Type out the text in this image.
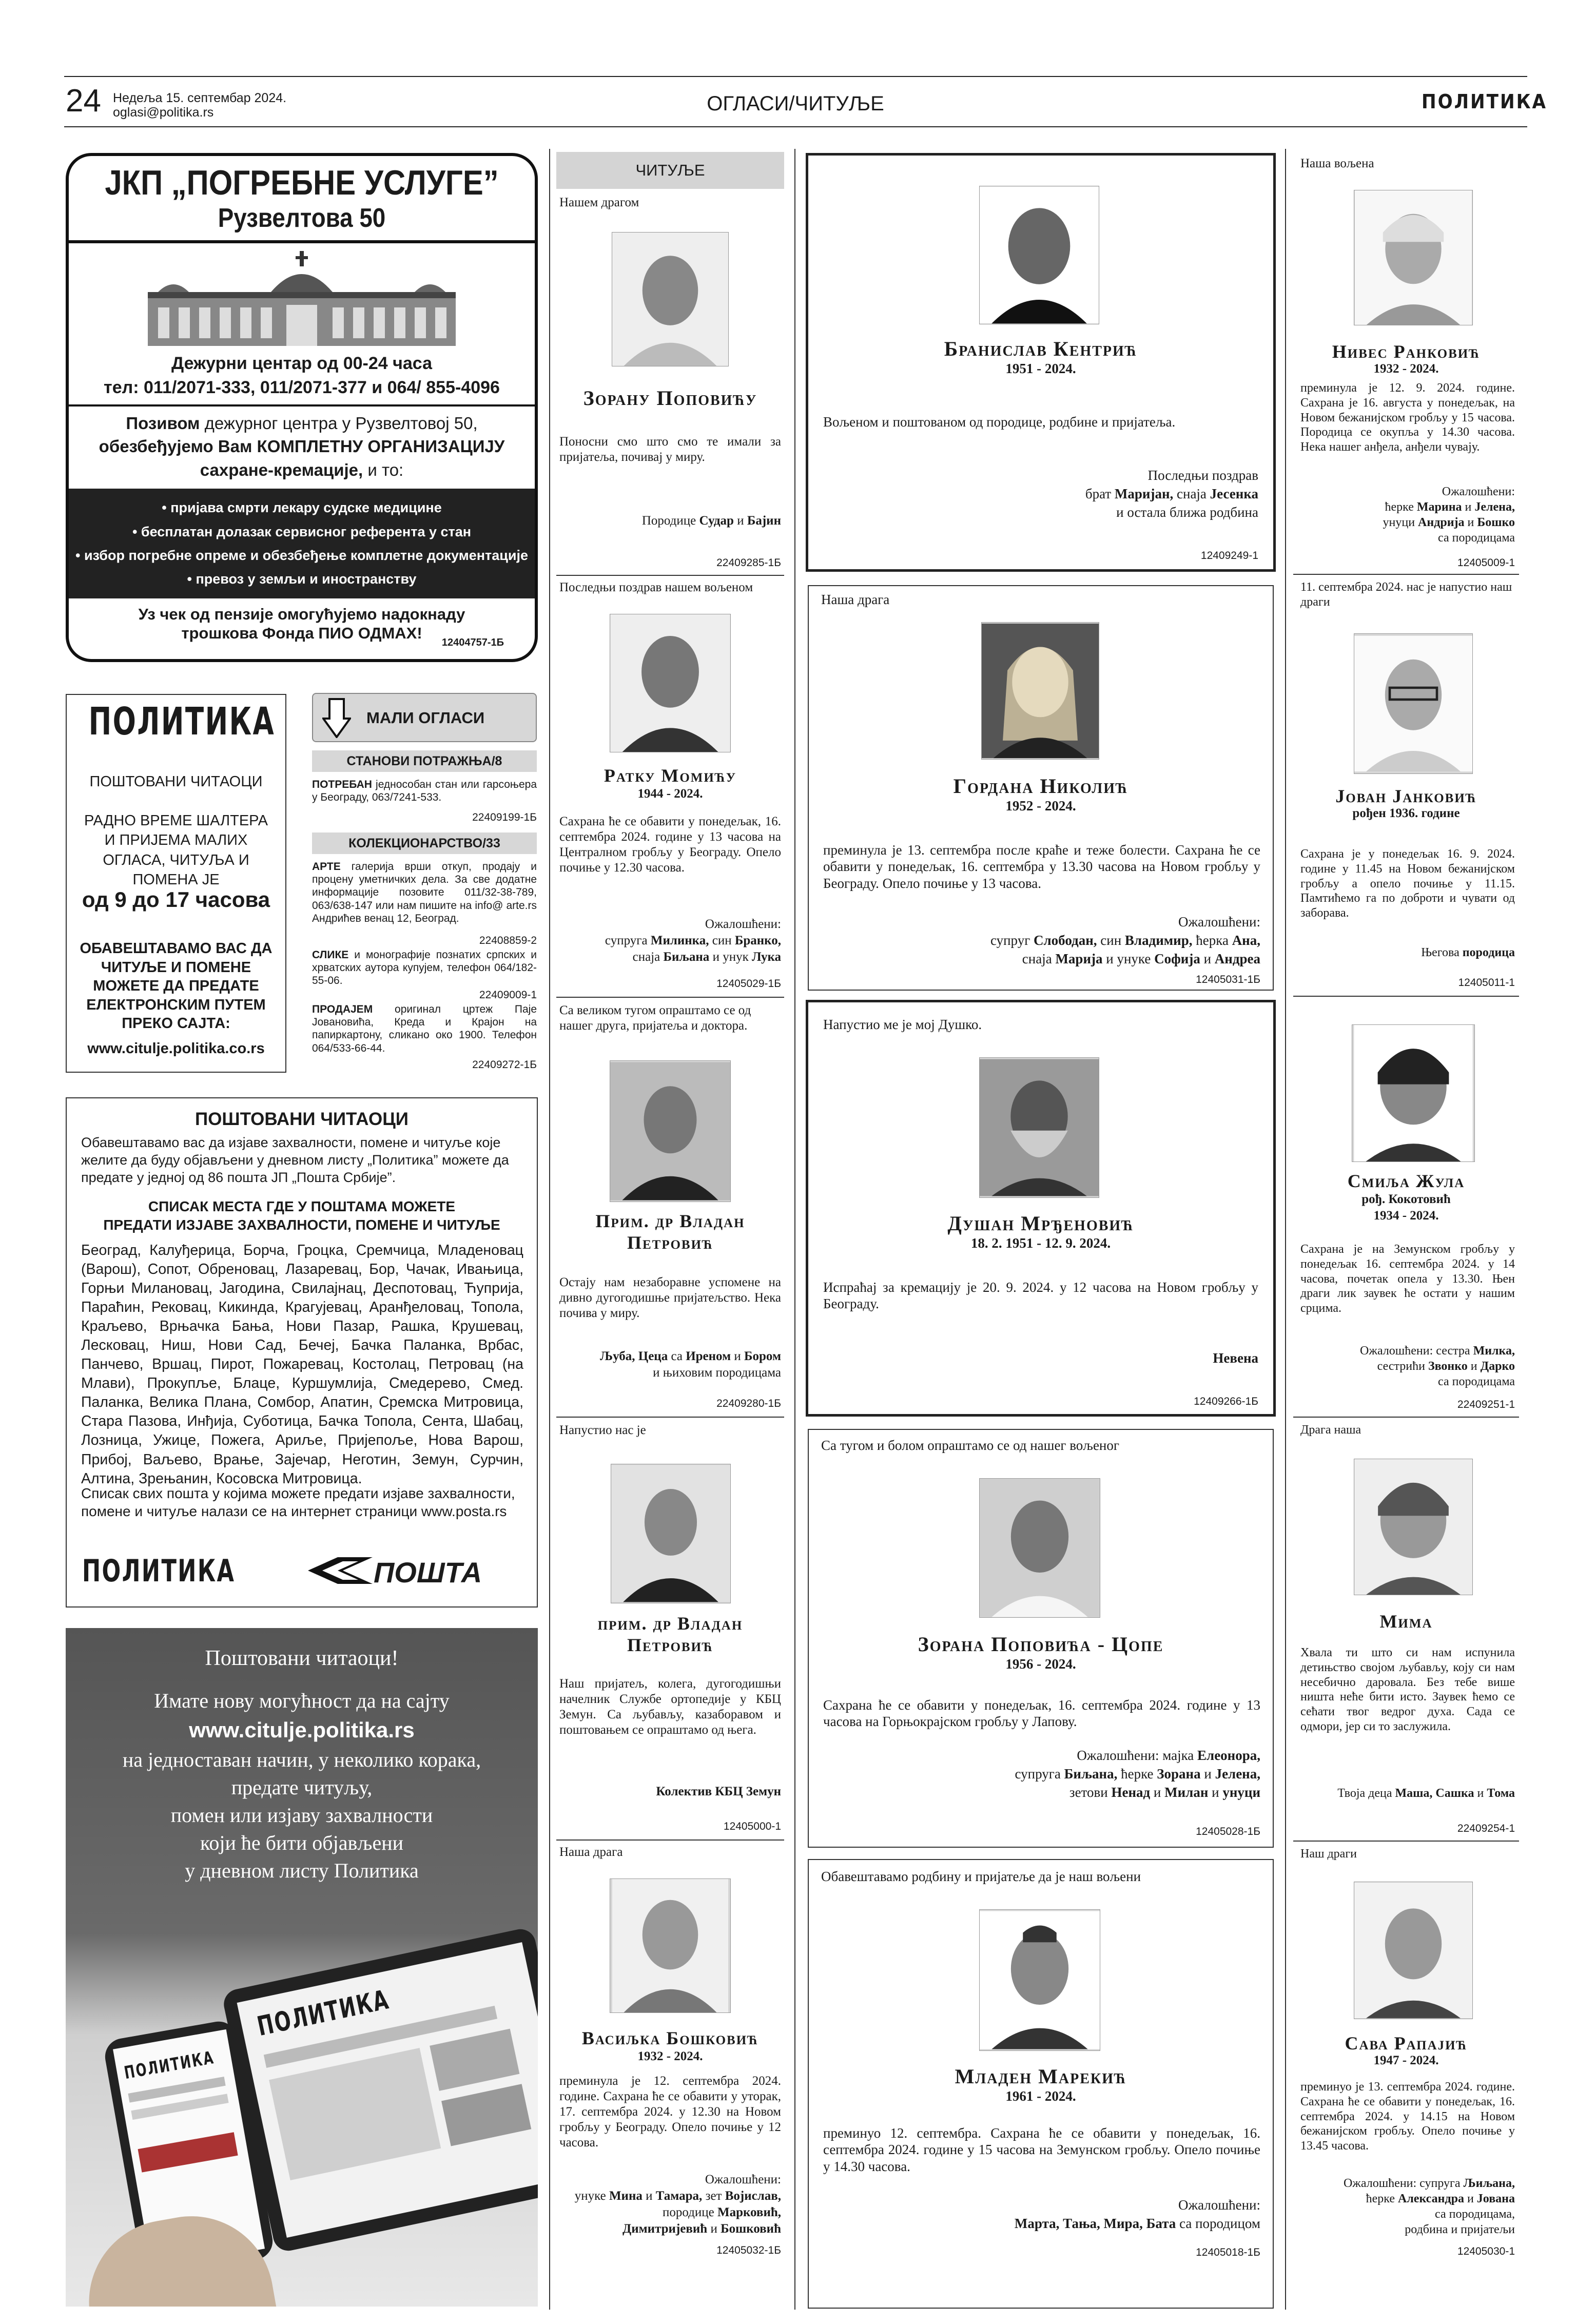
24 Недеља 15. септембар 2024.
oglasi@politika.rs	ОГЛАСИ/ЧИТУЉЕ	ПОЛИТИКА
ЈКП „ПОГРЕБНЕ УСЛУГЕ”
Рузвелтова 50
Дежурни центар од 00-24 часа
тел: 011/2071-333, 011/2071-377 и 064/ 855-4096
Позивом дежурног центра у Рузвелтовој 50,
обезбеђујемо Вам КОМПЛЕТНУ ОРГАНИЗАЦИЈУ
сахране-кремације, и то:
• пријава смрти лекару судске медицине
• бесплатан долазак сервисног референта у стан
• избор погребне опреме и обезбеђење комплетне документације
• превоз у земљи и иностранству
Уз чек од пензије омогућујемо надокнаду трошкова Фонда ПИО ОДМАХ!
12404757-1Б
ПОЛИТИКА
ПОШТОВАНИ ЧИТАОЦИ
РАДНО ВРЕМЕ ШАЛТЕРА И ПРИЈЕМА МАЛИХ ОГЛАСА, ЧИТУЉА И ПОМЕНА ЈЕ
од 9 до 17 часова
ОБАВЕШТАВАМО ВАС ДА ЧИТУЉЕ И ПОМЕНЕ МОЖЕТЕ ДА ПРЕДАТЕ ЕЛЕКТРОНСКИМ ПУТЕМ ПРЕКО САЈТА:
www.citulje.politika.co.rs
МАЛИ ОГЛАСИ
СТАНОВИ ПОТРАЖЊА/8
ПОТРЕБАН једнособан стан или гарсоњера у Београду, 063/7241-533.
22409199-1Б
КОЛЕКЦИОНАРСТВО/33
АРТЕ галерија врши откуп, продају и процену уметничких дела. За све додатне информације позовите 011/32-38-789, 063/638-147 или нам пишите на info@ arte.rs Андрићев венац 12, Београд.
22408859-2
СЛИКЕ и монографије познатих српских и хрватских аутора купујем, телефон 064/182-55-06.
22409009-1
ПРОДАЈЕМ оригинал цртеж Паје Јовановића, Креда и Крајон на папиркартону, сликано око 1900. Телефон 064/533-66-44.
22409272-1Б
ПОШТОВАНИ ЧИТАОЦИ
Обавештавамо вас да изјаве захвалности, помене и читуље које желите да буду објављени у дневном листу „Политика” можете да предате у једној од 86 пошта ЈП „Пошта Србије”.
СПИСАК МЕСТА ГДЕ У ПОШТАМА МОЖЕТЕ
ПРЕДАТИ ИЗЈАВЕ ЗАХВАЛНОСТИ, ПОМЕНЕ И ЧИТУЉЕ
Београд, Калуђерица, Борча, Гроцка, Сремчица, Младеновац (Варош), Сопот, Обреновац, Лазаревац, Бор, Чачак, Ивањица, Горњи Милановац, Јагодина, Свилајнац, Деспотовац, Ћуприја, Параћин, Рековац, Кикинда, Крагујевац, Аранђеловац, Топола, Краљево, Врњачка Бања, Нови Пазар, Рашка, Крушевац, Лесковац, Ниш, Нови Сад, Бечеј, Бачка Паланка, Врбас, Панчево, Вршац, Пирот, Пожаревац, Костолац, Петровац (на Млави), Прокупље, Блаце, Куршумлија, Смедерево, Смед. Паланка, Велика Плана, Сомбор, Апатин, Сремска Митровица, Стара Пазова, Инђија, Суботица, Бачка Топола, Сента, Шабац, Лозница, Ужице, Пожега, Ариље, Пријепоље, Нова Варош, Прибој, Ваљево, Врање, Зајечар, Неготин, Земун, Сурчин, Алтина, Зрењанин, Косовска Митровица.
Списак свих пошта у којима можете предати изјаве захвалности, помене и читуље налази се на интернет страници www.posta.rs
ПОЛИТИКА	ПОШТА
Поштовани читаоци!
Имате нову могућност да на сајту
www.citulje.politika.rs
на једноставан начин, у неколико корака,
предате читуљу,
помен или изјаву захвалности
који ће бити објављени
у дневном листу Политика
ПОЛИТИКА
ПОЛИТИКА
ЧИТУЉЕ
Нашем драгом
Зорану Поповићу
Поносни смо што смо те имали за пријатеља, почивај у миру.
Породице Судар и Бајин
22409285-1Б
Последњи поздрав нашем вољеном
Ратку Момићу
1944 - 2024.
Сахрана ће се обавити у понедељак, 16. септембра 2024. године у 13 часова на Централном гробљу у Београду. Опело почиње у 12.30 часова.
Ожалошћени:
супруга Милинка, син Бранко,
снаја Биљана и унук Лука
12405029-1Б
Са великом тугом опраштамо се од нашег друга, пријатеља и доктора.
Прим. др Владан
Петровић
Остају нам незаборавне успомене на дивно дугогодишње пријатељство. Нека почива у миру.
Љуба, Цеца са Иреном и Бором
и њиховим породицама
22409280-1Б
Напустио нас је
прим. др Владан
Петровић
Наш пријатељ, колега, дугогодишњи начелник Службе ортопедије у КБЦ Земун. Са љубављу, казаборавом и поштовањем се опраштамо од њега.
Колектив КБЦ Земун
12405000-1
Наша драга
Васиљка Бошковић
1932 - 2024.
преминула је 12. септембра 2024. године. Сахрана ће се обавити у уторак, 17. септембра 2024. у 12.30 на Новом гробљу у Београду. Опело почиње у 12 часова.
Ожалошћени:
унуке Мина и Тамара, зет Војислав,
породице Марковић,
Димитријевић и Бошковић
12405032-1Б
Бранислав Кентрић
1951 - 2024.
Вољеном и поштованом од породице, родбине и пријатеља.
Последњи поздрав
брат Маријан, снаја Јесенка
и остала ближа родбина
12409249-1
Наша драга
Гордана Николић
1952 - 2024.
преминула је 13. септембра после краће и теже болести. Сахрана ће се обавити у понедељак, 16. септембра у 13.30 часова на Новом гробљу у Београду. Опело почиње у 13 часова.
Ожалошћени:
супруг Слободан, син Владимир, ћерка Ана,
снаја Марија и унуке Софија и Андреа
12405031-1Б
Напустио ме је мој Душко.
Душан Мрђеновић
18. 2. 1951 - 12. 9. 2024.
Испраћај за кремацију је 20. 9. 2024. у 12 часова на Новом гробљу у Београду.
Невена
12409266-1Б
Са тугом и болом опраштамо се од нашег вољеног
Зорана Поповића - Цопе
1956 - 2024.
Сахрана ће се обавити у понедељак, 16. септембра 2024. године у 13 часова на Горњокрајском гробљу у Лапову.
Ожалошћени: мајка Елеонора,
супруга Биљана, ћерке Зорана и Јелена,
зетови Ненад и Милан и унуци
12405028-1Б
Обавештавамо родбину и пријатеље да је наш вољени
Младен Марекић
1961 - 2024.
преминуо 12. септембра. Сахрана ће се обавити у понедељак, 16. септембра 2024. године у 15 часова на Земунском гробљу. Опело почиње у 14.30 часова.
Ожалошћени:
Марта, Тања, Мира, Бата са породицом
12405018-1Б
Наша вољена
Нивес Ранковић
1932 - 2024.
преминула је 12. 9. 2024. године. Сахрана је 16. августа у понедељак, на Новом бежанијском гробљу у 15 часова. Породица се окупља у 14.30 часова. Нека нашег анђела, анђели чувају.
Ожалошћени:
ћерке Марина и Јелена,
унуци Андрија и Бошко
са породицама
12405009-1
11. септембра 2024. нас је напустио наш драги
Јован Јанковић
рођен 1936. године
Сахрана је у понедељак 16. 9. 2024. године у 11.45 на Новом бежанијском гробљу а опело почиње у 11.15. Памтићемо га по доброти и чувати од заборава.
Његова породица
12405011-1
Смиља Жула
рођ. Кокотовић
1934 - 2024.
Сахрана је на Земунском гробљу у понедељак 16. септембра 2024. у 14 часова, почетак опела у 13.30. Њен драги лик заувек ће остати у нашим срцима.
Ожалошћени: сестра Милка,
сестрићи Звонко и Дарко
са породицама
22409251-1
Драга наша
Мима
Хвала ти што си нам испунила детињство својом љубављу, коју си нам несебично даровала. Без тебе више ништа неће бити исто. Заувек ћемо се сећати твог ведрог духа. Сада се одмори, јер си то заслужила.
Твоја деца Маша, Сашка и Тома
22409254-1
Наш драги
Сава Рапајић
1947 - 2024.
преминуо је 13. септембра 2024. године. Сахрана ће се обавити у понедељак, 16. септембра 2024. у 14.15 на Новом бежанијском гробљу. Опело почиње у 13.45 часова.
Ожалошћени: супруга Љиљана,
ћерке Александра и Јована
са породицама,
родбина и пријатељи
12405030-1
